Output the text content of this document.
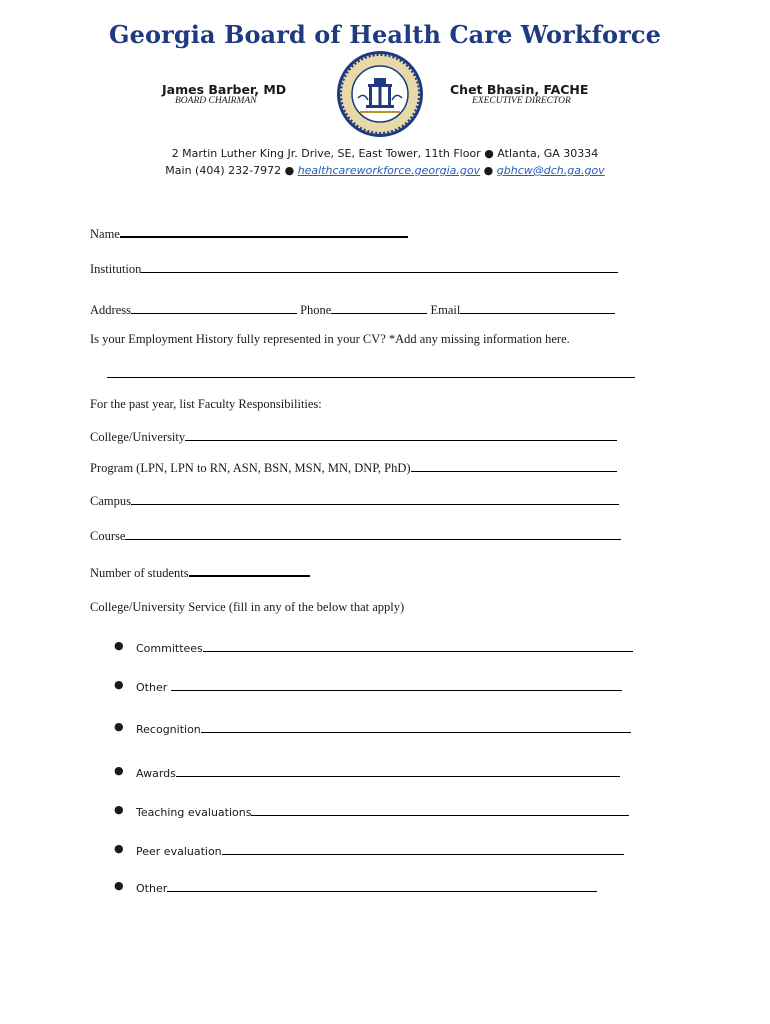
Georgia Board of Health Care Workforce
James Barber, MD
BOARD CHAIRMAN
Chet Bhasin, FACHE
EXECUTIVE DIRECTOR
2 Martin Luther King Jr. Drive, SE, East Tower, 11th Floor ● Atlanta, GA 30334
Main (404) 232-7972 ● healthcareworkforce.georgia.gov ● gbhcw@dch.ga.gov
Name
Institution
Address	Phone	Email
Is your Employment History fully represented in your CV? *Add any missing information here.
For the past year, list Faculty Responsibilities:
College/University
Program (LPN, LPN to RN, ASN, BSN, MSN, MN, DNP, PhD)
Campus
Course
Number of students
College/University Service (fill in any of the below that apply)
● Committees
● Other
● Recognition
● Awards
● Teaching evaluations
● Peer evaluation
● Other
